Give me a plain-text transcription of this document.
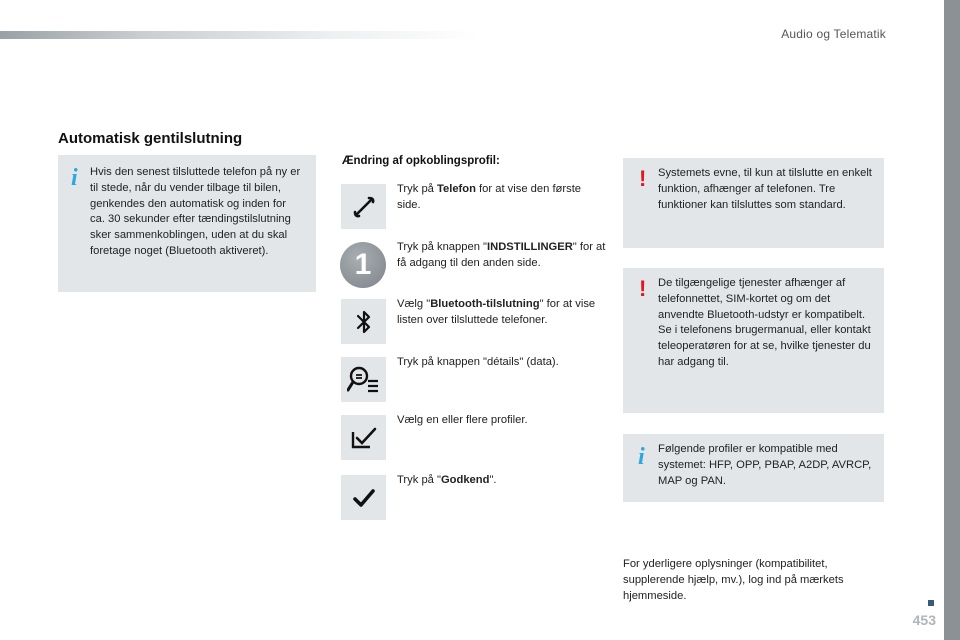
Audio og Telematik
Automatisk gentilslutning
i Hvis den senest tilsluttede telefon på ny er til stede, når du vender tilbage til bilen, genkendes den automatisk og inden for ca. 30 sekunder efter tændingstilslutning sker sammenkoblingen, uden at du skal foretage noget (Bluetooth aktiveret).
Ændring af opkoblingsprofil:
Tryk på Telefon for at vise den første side.
1
Tryk på knappen "INDSTILLINGER" for at få adgang til den anden side.
Vælg "Bluetooth-tilslutning" for at vise listen over tilsluttede telefoner.
Tryk på knappen "détails" (data).
Vælg en eller flere profiler.
Tryk på "Godkend".
! Systemets evne, til kun at tilslutte en enkelt funktion, afhænger af telefonen. Tre funktioner kan tilsluttes som standard.
! De tilgængelige tjenester afhænger af telefonnettet, SIM-kortet og om det anvendte Bluetooth-udstyr er kompatibelt. Se i telefonens brugermanual, eller kontakt teleoperatøren for at se, hvilke tjenester du har adgang til.
i Følgende profiler er kompatible med systemet: HFP, OPP, PBAP, A2DP, AVRCP, MAP og PAN.
For yderligere oplysninger (kompatibilitet, supplerende hjælp, mv.), log ind på mærkets hjemmeside.
453
